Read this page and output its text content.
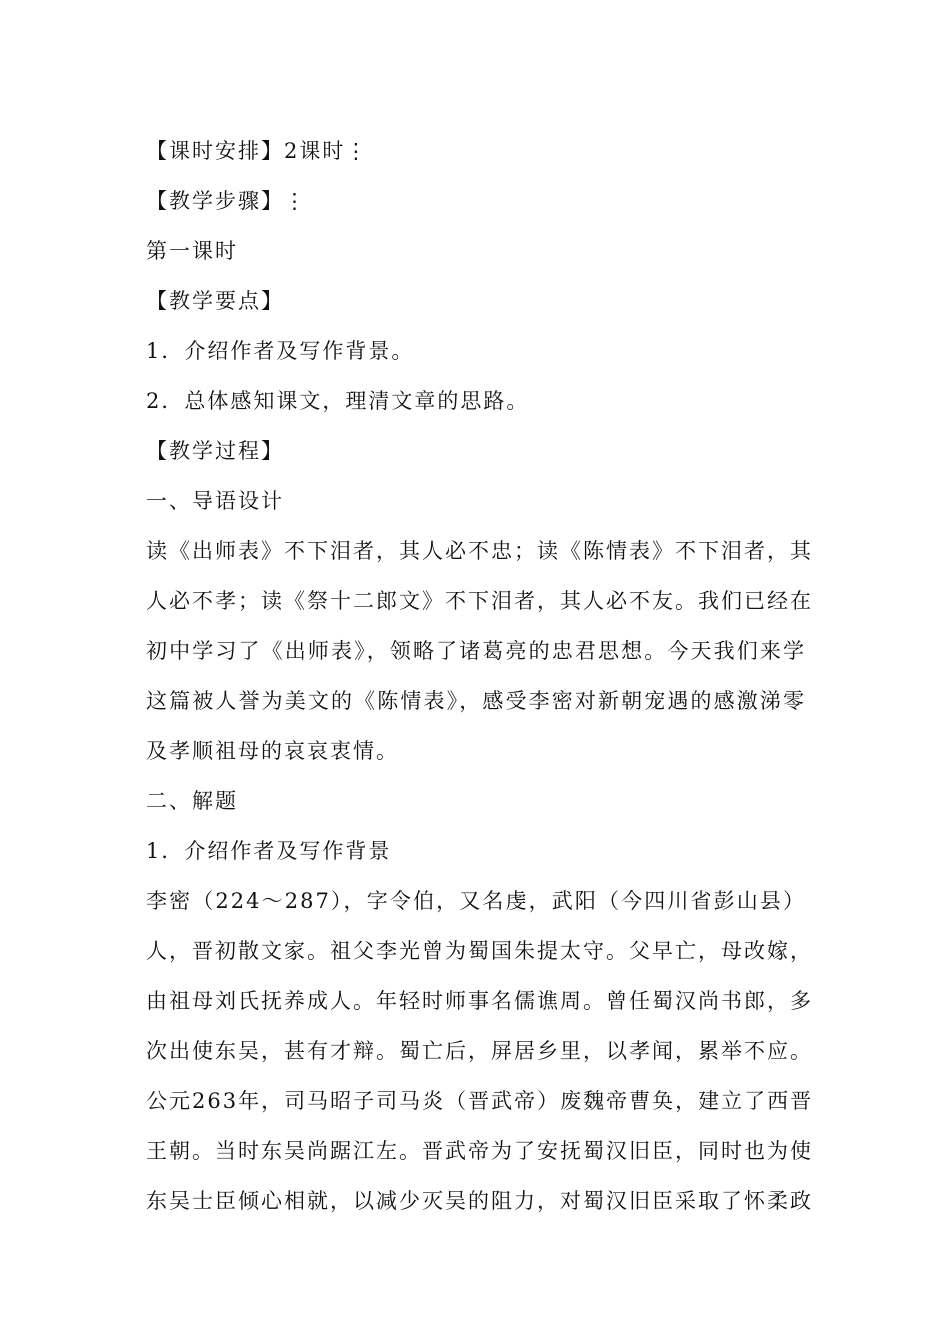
【课时安排】2课时⋮

【教学步骤】⋮

第一课时

【教学要点】

1．介绍作者及写作背景。

2．总体感知课文，理清文章的思路。

【教学过程】

一、导语设计

读《出师表》不下泪者，其人必不忠；读《陈情表》不下泪者，其

人必不孝；读《祭十二郎文》不下泪者，其人必不友。我们已经在

初中学习了《出师表》，领略了诸葛亮的忠君思想。今天我们来学

这篇被人誉为美文的《陈情表》，感受李密对新朝宠遇的感激涕零

及孝顺祖母的哀哀衷情。

二、解题

1．介绍作者及写作背景

李密（224～287），字令伯，又名虔，武阳（今四川省彭山县）

人，晋初散文家。祖父李光曾为蜀国朱提太守。父早亡，母改嫁，

由祖母刘氏抚养成人。年轻时师事名儒谯周。曾任蜀汉尚书郎，多

次出使东吴，甚有才辩。蜀亡后，屏居乡里，以孝闻，累举不应。

公元263年，司马昭子司马炎（晋武帝）废魏帝曹奂，建立了西晋

王朝。当时东吴尚踞江左。晋武帝为了安抚蜀汉旧臣，同时也为使

东吴士臣倾心相就，以减少灭吴的阻力，对蜀汉旧臣采取了怀柔政
